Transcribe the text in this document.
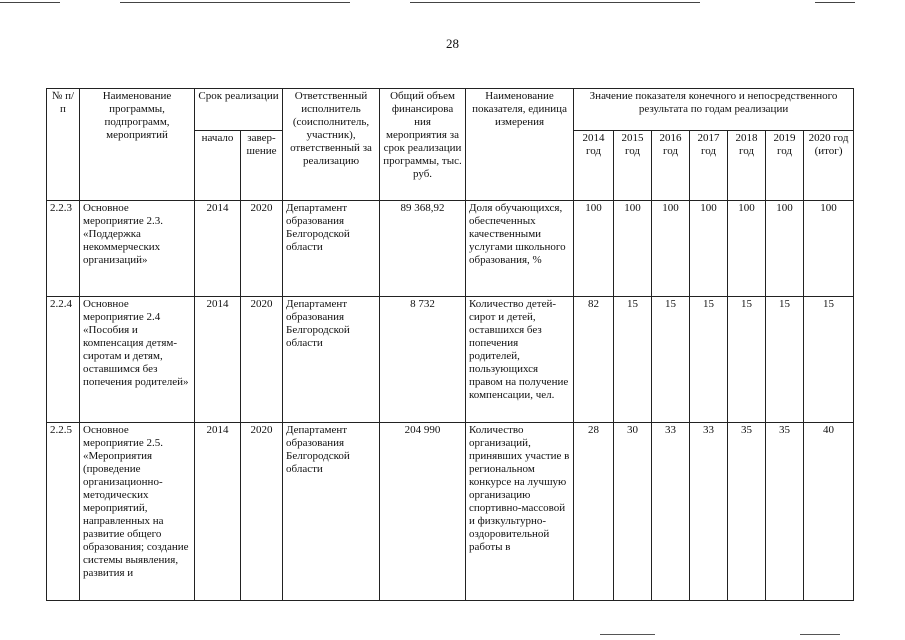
28
№ п/п	Наименование программы, подпрограмм, мероприятий	Срок реализации		Ответственный исполнитель (соисполнитель, участник), ответственный за реализацию	Общий объем финансирова ния мероприятия за срок реализации программы, тыс. руб.	Наименование показателя, единица измерения	Значение показателя конечного и непосредственного результата по годам реализации						
		начало	завер-шение				2014 год	2015 год	2016 год	2017 год	2018 год	2019 год	2020 год (итог)
2.2.3	Основное мероприятие 2.3. «Поддержка некоммерческих организаций»	2014	2020	Департамент образования Белгородской области	89 368,92	Доля обучающихся, обеспеченных качественными услугами школьного образования, %	100	100	100	100	100	100	100
2.2.4	Основное мероприятие 2.4 «Пособия и компенсация детям-сиротам и детям, оставшимся без попечения родителей»	2014	2020	Департамент образования Белгородской области	8 732	Количество детей-сирот и детей, оставшихся без попечения родителей, пользующихся правом на получение компенсации, чел.	82	15	15	15	15	15	15
2.2.5	Основное мероприятие 2.5. «Мероприятия (проведение организационно-методических мероприятий, направленных на развитие общего образования; создание системы выявления, развития и	2014	2020	Департамент образования Белгородской области	204 990	Количество организаций, принявших участие в региональном конкурсе на лучшую организацию спортивно-массовой и физкультурно-оздоровительной работы в	28	30	33	33	35	35	40
